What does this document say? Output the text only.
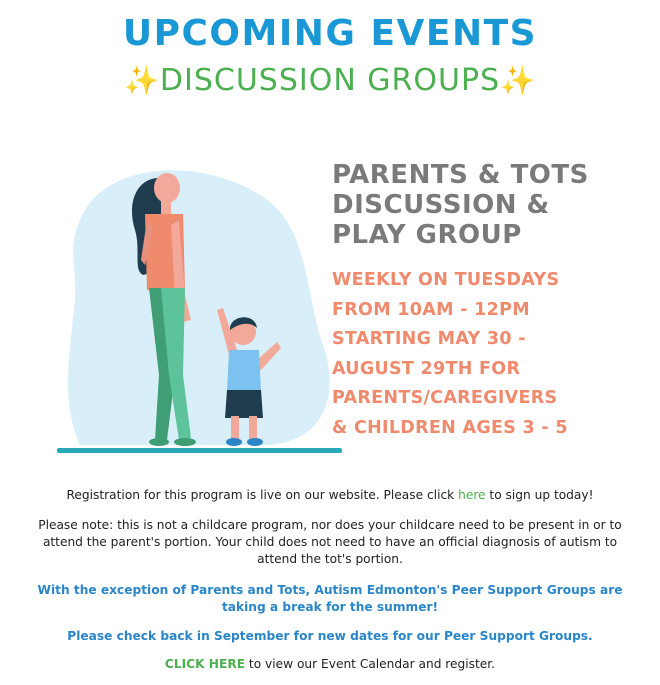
UPCOMING EVENTS
✨DISCUSSION GROUPS✨
PARENTS & TOTS
DISCUSSION &
PLAY GROUP
WEEKLY ON TUESDAYS
FROM 10AM - 12PM
STARTING MAY 30 -
AUGUST 29TH FOR
PARENTS/CAREGIVERS
& CHILDREN AGES 3 - 5
Registration for this program is live on our website. Please click here to sign up today!
Please note: this is not a childcare program, nor does your childcare need to be present in or to attend the parent's portion. Your child does not need to have an official diagnosis of autism to attend the tot's portion.
With the exception of Parents and Tots, Autism Edmonton's Peer Support Groups are taking a break for the summer!
Please check back in September for new dates for our Peer Support Groups.
CLICK HERE to view our Event Calendar and register.
